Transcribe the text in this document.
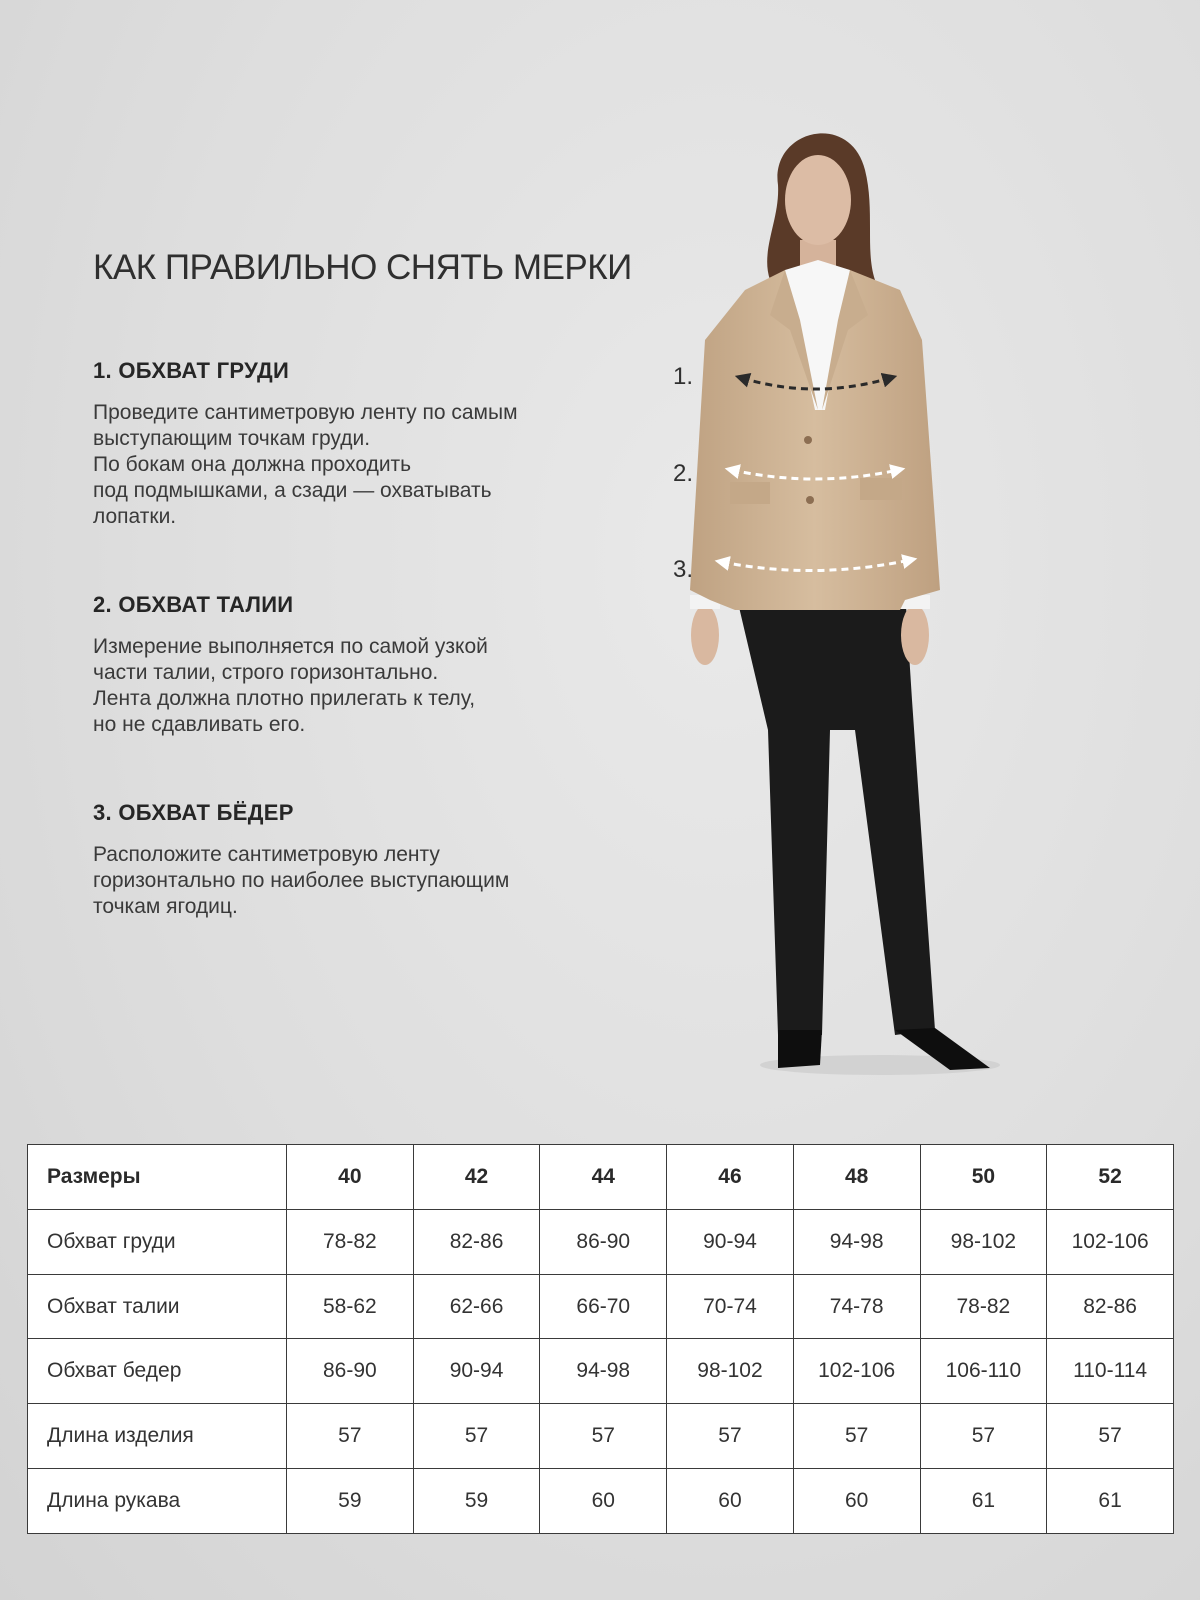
КАК ПРАВИЛЬНО СНЯТЬ МЕРКИ
1. ОБХВАТ ГРУДИ
Проведите сантиметровую ленту по самым
выступающим точкам груди.
По бокам она должна проходить
под подмышками, а сзади — охватывать
лопатки.
2. ОБХВАТ ТАЛИИ
Измерение выполняется по самой узкой
части талии, строго горизонтально.
Лента должна плотно прилегать к телу,
но не сдавливать его.
3. ОБХВАТ БЁДЕР
Расположите сантиметровую ленту
горизонтально по наиболее выступающим
точкам ягодиц.
1.
2.
3.
Размеры	40	42	44	46	48	50	52
Обхват груди	78-82	82-86	86-90	90-94	94-98	98-102	102-106
Обхват талии	58-62	62-66	66-70	70-74	74-78	78-82	82-86
Обхват бедер	86-90	90-94	94-98	98-102	102-106	106-110	110-114
Длина изделия	57	57	57	57	57	57	57
Длина рукава	59	59	60	60	60	61	61
